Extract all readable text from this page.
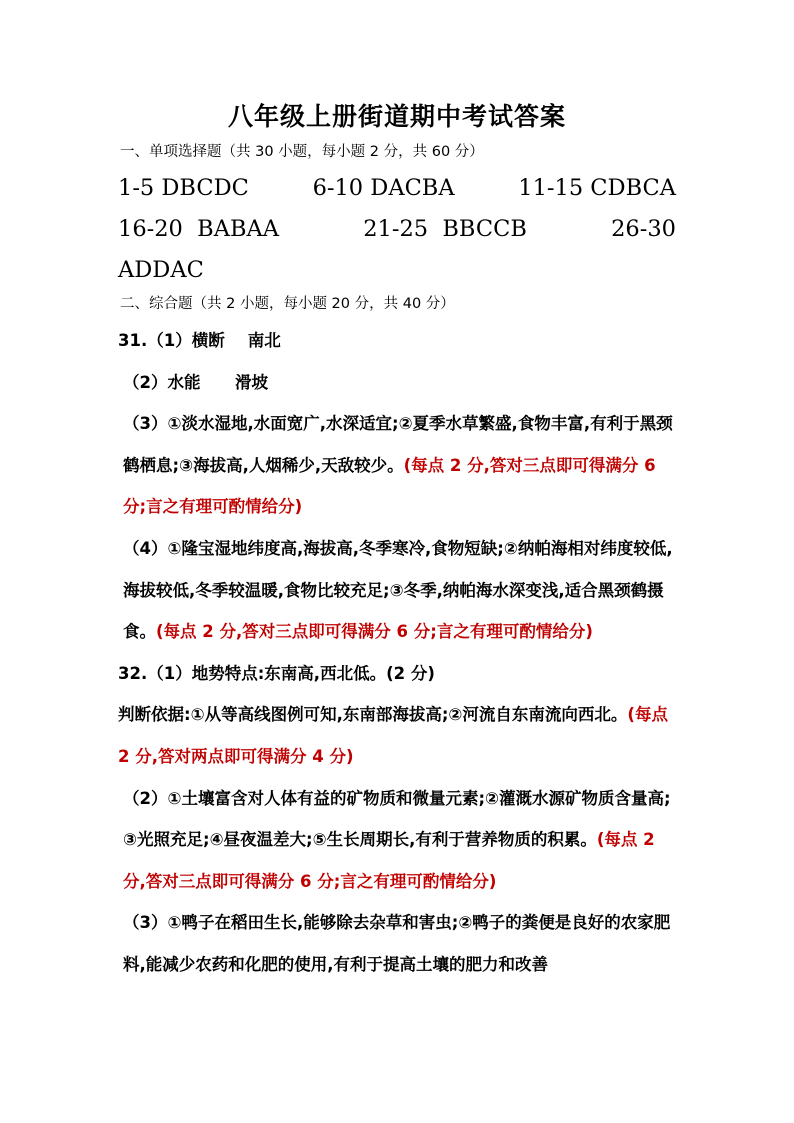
八年级上册街道期中考试答案
一、单项选择题（共 30 小题，每小题 2 分，共 60 分）
1-5 DBCDC	6-10 DACBA	11-15 CDBCA
16-20  BABAA	21-25  BBCCB	26-30
ADDAC
二、综合题（共 2 小题，每小题 20 分，共 40 分）

31.（1）横断    南北

（2）水能      滑坡

（3）①淡水湿地,水面宽广,水深适宜;②夏季水草繁盛,食物丰富,有利于黑颈鹤栖息;③海拔高,人烟稀少,天敌较少。(每点 2 分,答对三点即可得满分 6 分;言之有理可酌情给分)

（4）①隆宝湿地纬度高,海拔高,冬季寒冷,食物短缺;②纳帕海相对纬度较低,海拔较低,冬季较温暖,食物比较充足;③冬季,纳帕海水深变浅,适合黑颈鹤摄食。(每点 2 分,答对三点即可得满分 6 分;言之有理可酌情给分)

32.（1）地势特点:东南高,西北低。(2 分)

判断依据:①从等高线图例可知,东南部海拔高;②河流自东南流向西北。(每点 2 分,答对两点即可得满分 4 分)

（2）①土壤富含对人体有益的矿物质和微量元素;②灌溉水源矿物质含量高;③光照充足;④昼夜温差大;⑤生长周期长,有利于营养物质的积累。(每点 2 分,答对三点即可得满分 6 分;言之有理可酌情给分)

（3）①鸭子在稻田生长,能够除去杂草和害虫;②鸭子的粪便是良好的农家肥料,能减少农药和化肥的使用,有利于提高土壤的肥力和改善
